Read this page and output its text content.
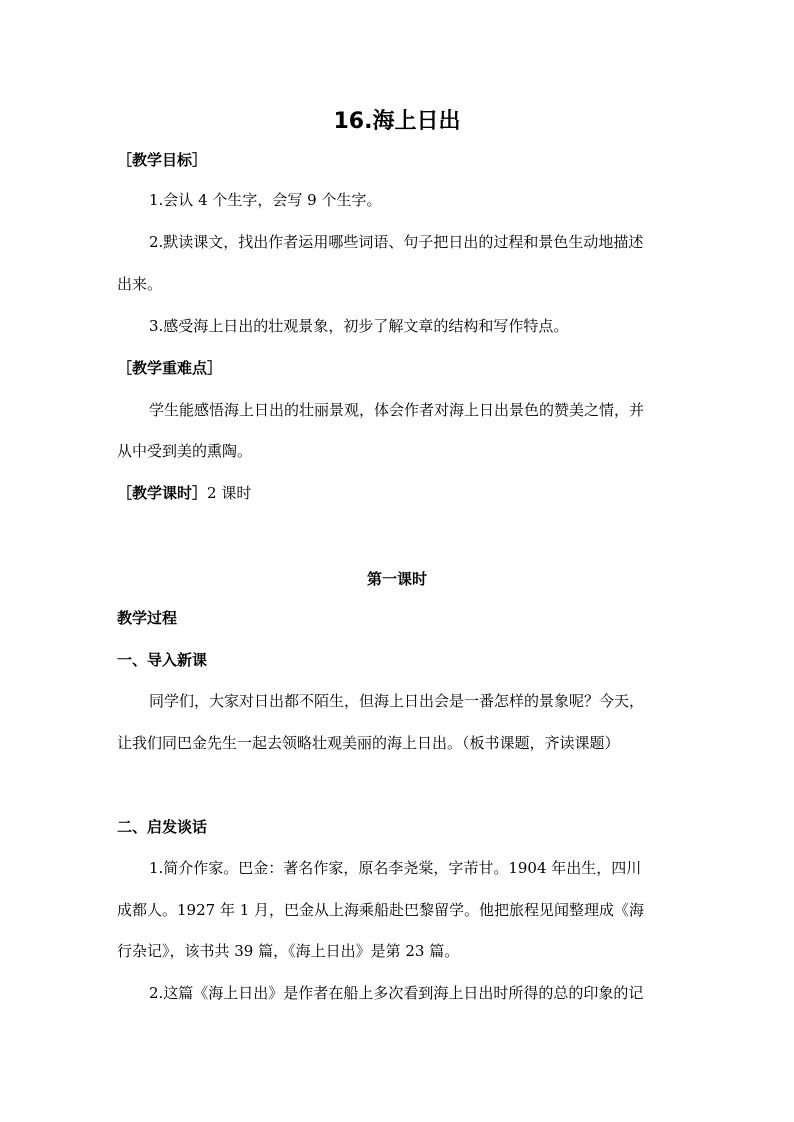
16.海上日出
［教学目标］
1.会认 4 个生字，会写 9 个生字。
2.默读课文，找出作者运用哪些词语、句子把日出的过程和景色生动地描述
出来。
3.感受海上日出的壮观景象，初步了解文章的结构和写作特点。
［教学重难点］
学生能感悟海上日出的壮丽景观，体会作者对海上日出景色的赞美之情，并
从中受到美的熏陶。
［教学课时］2 课时
第一课时
教学过程
一、导入新课
同学们，大家对日出都不陌生，但海上日出会是一番怎样的景象呢？今天，
让我们同巴金先生一起去领略壮观美丽的海上日出。（板书课题，齐读课题）
二、启发谈话
1.简介作家。巴金：著名作家，原名李尧棠，字芾甘。1904 年出生，四川
成都人。1927 年 1 月，巴金从上海乘船赴巴黎留学。他把旅程见闻整理成《海
行杂记》，该书共 39 篇，《海上日出》是第 23 篇。
2.这篇《海上日出》是作者在船上多次看到海上日出时所得的总的印象的记
